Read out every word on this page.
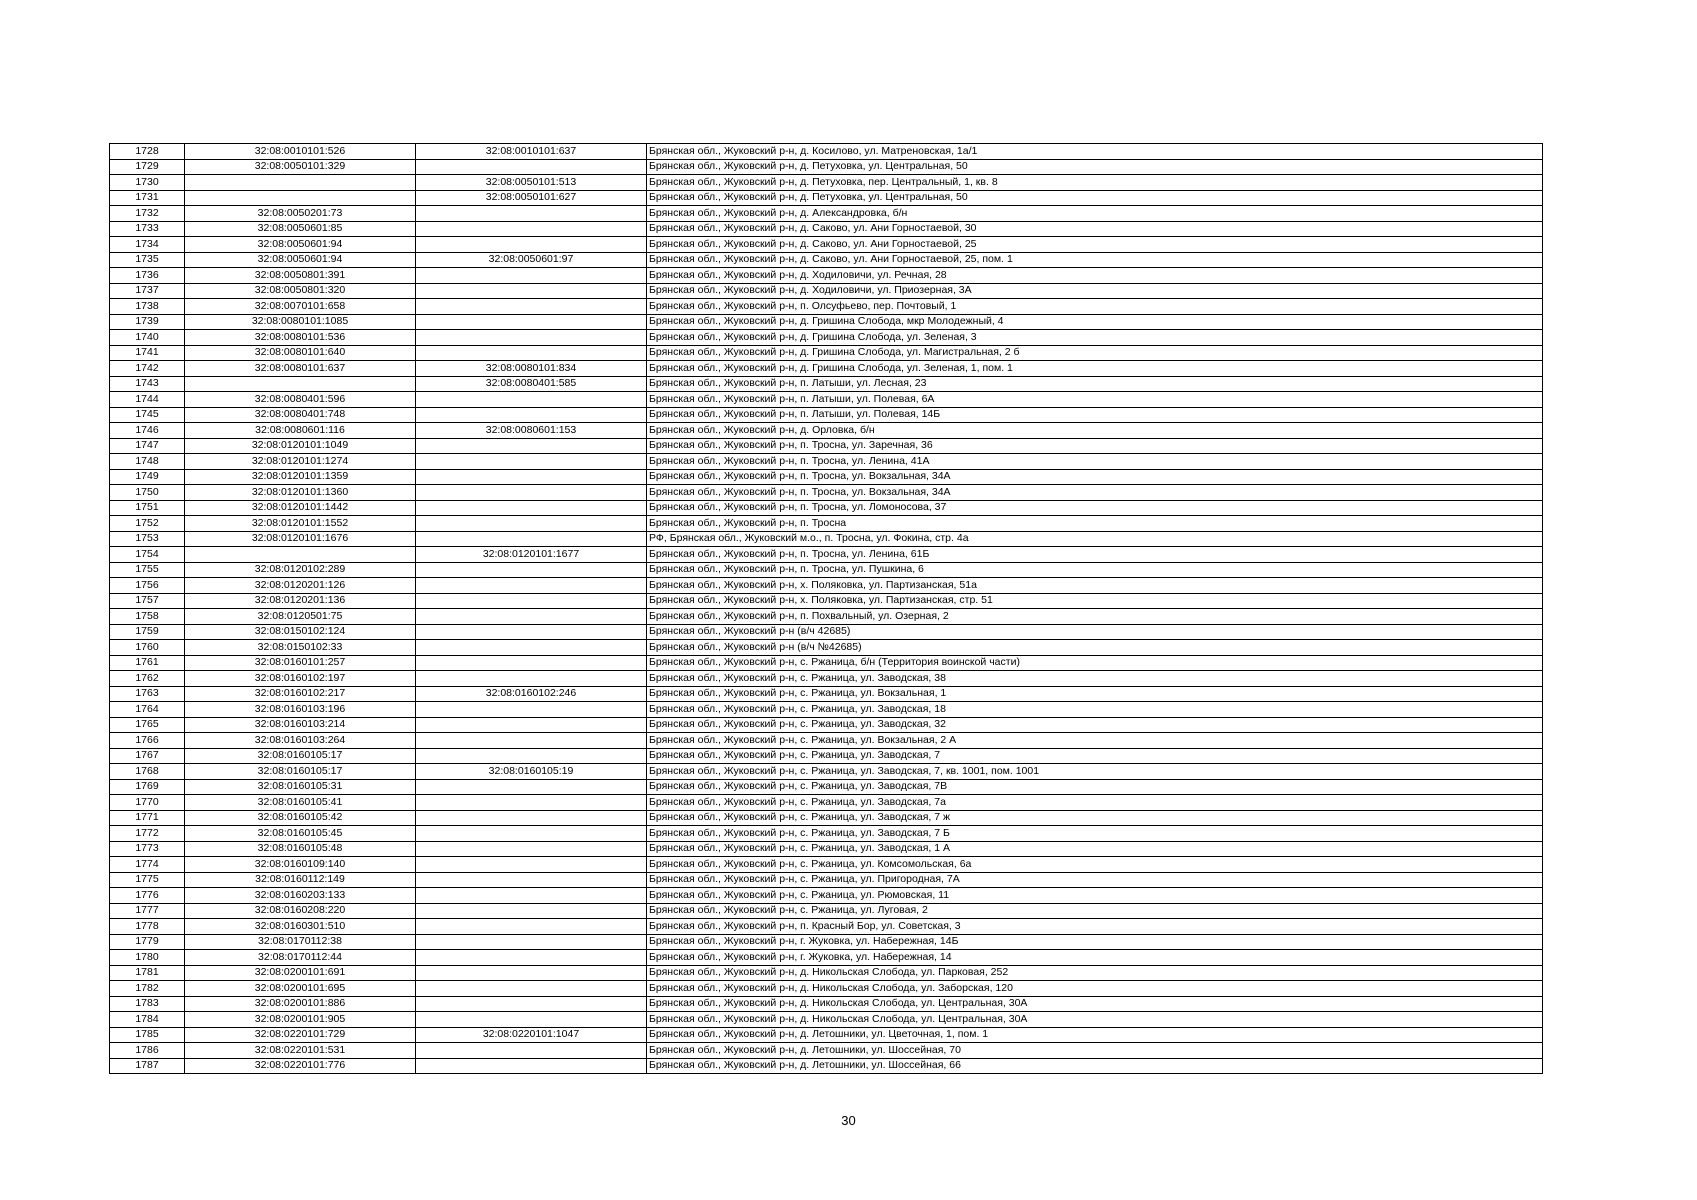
1728	32:08:0010101:526	32:08:0010101:637	Брянская обл., Жуковский р-н, д. Косилово, ул. Матреновская, 1а/1
1729	32:08:0050101:329		Брянская обл., Жуковский р-н, д. Петуховка, ул. Центральная, 50
1730		32:08:0050101:513	Брянская обл., Жуковский р-н, д. Петуховка, пер. Центральный, 1, кв. 8
1731		32:08:0050101:627	Брянская обл., Жуковский р-н, д. Петуховка, ул. Центральная, 50
1732	32:08:0050201:73		Брянская обл., Жуковский р-н, д. Александровка, б/н
1733	32:08:0050601:85		Брянская обл., Жуковский р-н, д. Саково, ул. Ани Горностаевой, 30
1734	32:08:0050601:94		Брянская обл., Жуковский р-н, д. Саково, ул. Ани Горностаевой, 25
1735	32:08:0050601:94	32:08:0050601:97	Брянская обл., Жуковский р-н, д. Саково, ул. Ани Горностаевой, 25, пом. 1
1736	32:08:0050801:391		Брянская обл., Жуковский р-н, д. Ходиловичи, ул. Речная, 28
1737	32:08:0050801:320		Брянская обл., Жуковский р-н, д. Ходиловичи, ул. Приозерная, 3А
1738	32:08:0070101:658		Брянская обл., Жуковский р-н, п. Олсуфьево, пер. Почтовый, 1
1739	32:08:0080101:1085		Брянская обл., Жуковский р-н, д. Гришина Слобода, мкр Молодежный, 4
1740	32:08:0080101:536		Брянская обл., Жуковский р-н, д. Гришина Слобода, ул. Зеленая, 3
1741	32:08:0080101:640		Брянская обл., Жуковский р-н, д. Гришина Слобода, ул. Магистральная, 2 б
1742	32:08:0080101:637	32:08:0080101:834	Брянская обл., Жуковский р-н, д. Гришина Слобода, ул. Зеленая, 1, пом. 1
1743		32:08:0080401:585	Брянская обл., Жуковский р-н, п. Латыши, ул. Лесная, 23
1744	32:08:0080401:596		Брянская обл., Жуковский р-н, п. Латыши, ул. Полевая, 6А
1745	32:08:0080401:748		Брянская обл., Жуковский р-н, п. Латыши, ул. Полевая, 14Б
1746	32:08:0080601:116	32:08:0080601:153	Брянская обл., Жуковский р-н, д. Орловка, б/н
1747	32:08:0120101:1049		Брянская обл., Жуковский р-н, п. Тросна, ул. Заречная, 36
1748	32:08:0120101:1274		Брянская обл., Жуковский р-н, п. Тросна, ул. Ленина, 41А
1749	32:08:0120101:1359		Брянская обл., Жуковский р-н, п. Тросна, ул. Вокзальная, 34А
1750	32:08:0120101:1360		Брянская обл., Жуковский р-н, п. Тросна, ул. Вокзальная, 34А
1751	32:08:0120101:1442		Брянская обл., Жуковский р-н, п. Тросна, ул. Ломоносова, 37
1752	32:08:0120101:1552		Брянская обл., Жуковский р-н, п. Тросна
1753	32:08:0120101:1676		РФ, Брянская обл., Жуковский м.о., п. Тросна, ул. Фокина, стр. 4а
1754		32:08:0120101:1677	Брянская обл., Жуковский р-н, п. Тросна, ул. Ленина, 61Б
1755	32:08:0120102:289		Брянская обл., Жуковский р-н, п. Тросна, ул. Пушкина, 6
1756	32:08:0120201:126		Брянская обл., Жуковский р-н, х. Поляковка, ул. Партизанская, 51а
1757	32:08:0120201:136		Брянская обл., Жуковский р-н, х. Поляковка, ул. Партизанская, стр. 51
1758	32:08:0120501:75		Брянская обл., Жуковский р-н, п. Похвальный, ул. Озерная, 2
1759	32:08:0150102:124		Брянская обл., Жуковский р-н (в/ч 42685)
1760	32:08:0150102:33		Брянская обл., Жуковский р-н (в/ч №42685)
1761	32:08:0160101:257		Брянская обл., Жуковский р-н, с. Ржаница, б/н (Территория воинской части)
1762	32:08:0160102:197		Брянская обл., Жуковский р-н, с. Ржаница, ул. Заводская, 38
1763	32:08:0160102:217	32:08:0160102:246	Брянская обл., Жуковский р-н, с. Ржаница, ул. Вокзальная, 1
1764	32:08:0160103:196		Брянская обл., Жуковский р-н, с. Ржаница, ул. Заводская, 18
1765	32:08:0160103:214		Брянская обл., Жуковский р-н, с. Ржаница, ул. Заводская, 32
1766	32:08:0160103:264		Брянская обл., Жуковский р-н, с. Ржаница, ул. Вокзальная, 2 А
1767	32:08:0160105:17		Брянская обл., Жуковский р-н, с. Ржаница, ул. Заводская, 7
1768	32:08:0160105:17	32:08:0160105:19	Брянская обл., Жуковский р-н, с. Ржаница, ул. Заводская, 7, кв. 1001, пом. 1001
1769	32:08:0160105:31		Брянская обл., Жуковский р-н, с. Ржаница, ул. Заводская, 7В
1770	32:08:0160105:41		Брянская обл., Жуковский р-н, с. Ржаница, ул. Заводская, 7а
1771	32:08:0160105:42		Брянская обл., Жуковский р-н, с. Ржаница, ул. Заводская, 7 ж
1772	32:08:0160105:45		Брянская обл., Жуковский р-н, с. Ржаница, ул. Заводская, 7 Б
1773	32:08:0160105:48		Брянская обл., Жуковский р-н, с. Ржаница, ул. Заводская, 1 А
1774	32:08:0160109:140		Брянская обл., Жуковский р-н, с. Ржаница, ул. Комсомольская, 6а
1775	32:08:0160112:149		Брянская обл., Жуковский р-н, с. Ржаница, ул. Пригородная, 7А
1776	32:08:0160203:133		Брянская обл., Жуковский р-н, с. Ржаница, ул. Рюмовская, 11
1777	32:08:0160208:220		Брянская обл., Жуковский р-н, с. Ржаница, ул. Луговая, 2
1778	32:08:0160301:510		Брянская обл., Жуковский р-н, п. Красный Бор, ул. Советская, 3
1779	32:08:0170112:38		Брянская обл., Жуковский р-н, г. Жуковка, ул. Набережная, 14Б
1780	32:08:0170112:44		Брянская обл., Жуковский р-н, г. Жуковка, ул. Набережная, 14
1781	32:08:0200101:691		Брянская обл., Жуковский р-н, д. Никольская Слобода, ул. Парковая, 252
1782	32:08:0200101:695		Брянская обл., Жуковский р-н, д. Никольская Слобода, ул. Заборская, 120
1783	32:08:0200101:886		Брянская обл., Жуковский р-н, д. Никольская Слобода, ул. Центральная, 30А
1784	32:08:0200101:905		Брянская обл., Жуковский р-н, д. Никольская Слобода, ул. Центральная, 30А
1785	32:08:0220101:729	32:08:0220101:1047	Брянская обл., Жуковский р-н, д. Летошники, ул. Цветочная, 1, пом. 1
1786	32:08:0220101:531		Брянская обл., Жуковский р-н, д. Летошники, ул. Шоссейная, 70
1787	32:08:0220101:776		Брянская обл., Жуковский р-н, д. Летошники, ул. Шоссейная, 66
30
